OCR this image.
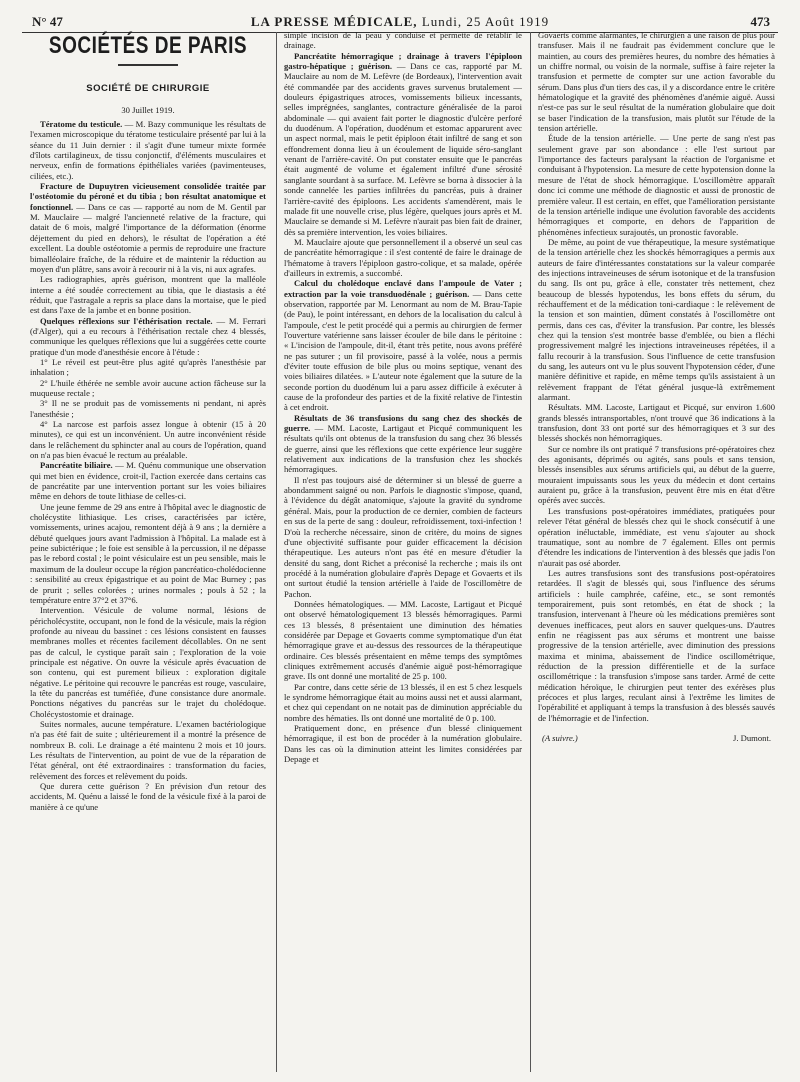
N° 47	LA PRESSE MÉDICALE, Lundi, 25 Août 1919	473
SOCIÉTÉS DE PARIS
SOCIÉTÉ DE CHIRURGIE
30 Juillet 1919.

Tératome du testicule. — M. Bazy communique les résultats de l'examen microscopique du tératome testiculaire présenté par lui à la séance du 11 Juin dernier : il s'agit d'une tumeur mixte formée d'îlots cartilagineux, de tissu conjonctif, d'éléments musculaires et nerveux, enfin de formations épithéliales variées (pavimenteuses, ciliées, etc.).

Fracture de Dupuytren vicieusement consolidée traitée par l'ostéotomie du péroné et du tibia ; bon résultat anatomique et fonctionnel. — Dans ce cas — rapporté au nom de M. Gentil par M. Mauclaire — malgré l'ancienneté relative de la fracture, qui datait de 6 mois, malgré l'importance de la déformation (énorme déjettement du pied en dehors), le résultat de l'opération a été excellent. La double ostéotomie a permis de reproduire une fracture bimalléolaire fraîche, de la réduire et de maintenir la réduction au moyen d'un plâtre, sans avoir à recourir ni à la vis, ni aux agrafes.

Les radiographies, après guérison, montrent que la malléole interne a été soudée correctement au tibia, que le diastasis a été réduit, que l'astragale a repris sa place dans la mortaise, que le pied est dans l'axe de la jambe et en bonne position.

Quelques réflexions sur l'éthérisation rectale. — M. Ferrari (d'Alger), qui a eu recours à l'éthérisation rectale chez 4 blessés, communique les quelques réflexions que lui a suggérées cette courte pratique d'un mode d'anesthésie encore à l'étude :

1° Le réveil est peut-être plus agité qu'après l'anesthésie par inhalation ;

2° L'huile éthérée ne semble avoir aucune action fâcheuse sur la muqueuse rectale ;

3° Il ne se produit pas de vomissements ni pendant, ni après l'anesthésie ;

4° La narcose est parfois assez longue à obtenir (15 à 20 minutes), ce qui est un inconvénient. Un autre inconvénient réside dans le relâchement du sphincter anal au cours de l'opération, quand on n'a pas bien évacué le rectum au préalable.

Pancréatite biliaire. — M. Quénu communique une observation qui met bien en évidence, croit-il, l'action exercée dans certains cas de pancréatite par une intervention portant sur les voies biliaires même en dehors de toute lithiase de celles-ci.

Une jeune femme de 29 ans entre à l'hôpital avec le diagnostic de cholécystite lithiasique. Les crises, caractérisées par ictère, vomissements, urines acajou, remontent déjà à 9 ans ; la dernière a débuté quelques jours avant l'admission à l'hôpital. La malade est à peine subictérique ; le foie est sensible à la percussion, il ne dépasse pas le rebord costal ; le point vésiculaire est un peu sensible, mais le maximum de la douleur occupe la région pancréatico-cholédocienne : sensibilité au creux épigastrique et au point de Mac Burney ; pas de prurit ; selles colorées ; urines normales ; pouls à 52 ; la température entre 37°2 et 37°6.

Intervention. Vésicule de volume normal, lésions de péricholécystite, occupant, non le fond de la vésicule, mais la région profonde au niveau du bassinet : ces lésions consistent en fausses membranes molles et récentes facilement décollables. On ne sent pas de calcul, le cystique paraît sain ; l'exploration de la voie principale est négative. On ouvre la vésicule après évacuation de son contenu, qui est purement bilieux : exploration digitale négative. Le péritoine qui recouvre le pancréas est rouge, vasculaire, la tête du pancréas est tuméfiée, d'une consistance dure anormale. Ponctions négatives du pancréas sur le trajet du cholédoque. Cholécystostomie et drainage.

Suites normales, aucune température. L'examen bactériologique n'a pas été fait de suite ; ultérieurement il a montré la présence de nombreux B. coli. Le drainage a été maintenu 2 mois et 10 jours. Les résultats de l'intervention, au point de vue de la réparation de l'état général, ont été extraordinaires : transformation du facies, relèvement des forces et relèvement du poids.

Que durera cette guérison ? En prévision d'un retour des accidents, M. Quénu a laissé le fond de la vésicule fixé à la paroi de manière à ce qu'une

simple incision de la peau y conduise et permette de rétablir le drainage.

Pancréatite hémorragique ; drainage à travers l'épiploon gastro-hépatique ; guérison. — Dans ce cas, rapporté par M. Mauclaire au nom de M. Lefèvre (de Bordeaux), l'intervention avait été commandée par des accidents graves survenus brutalement — douleurs épigastriques atroces, vomissements bilieux incessants, selles imprégnées, sanglantes, contracture généralisée de la paroi abdominale — qui avaient fait porter le diagnostic d'ulcère perforé du duodénum. A l'opération, duodénum et estomac apparurent avec un aspect normal, mais le petit épiploon était infiltré de sang et son effondrement donna lieu à un écoulement de liquide séro-sanglant venant de l'arrière-cavité. On put constater ensuite que le pancréas était augmenté de volume et également infiltré d'une sérosité sanglante sourdant à sa surface. M. Lefèvre se borna à dissocier à la sonde cannelée les parties infiltrées du pancréas, puis à drainer l'arrière-cavité des épiploons. Les accidents s'amendèrent, mais le malade fit une nouvelle crise, plus légère, quelques jours après et M. Mauclaire se demande si M. Lefèvre n'aurait pas bien fait de drainer, dès sa première intervention, les voies biliaires.

M. Mauclaire ajoute que personnellement il a observé un seul cas de pancréatite hémorragique : il s'est contenté de faire le drainage de l'hématome à travers l'épiploon gastro-colique, et sa malade, opérée d'ailleurs in extremis, a succombé.

Calcul du cholédoque enclavé dans l'ampoule de Vater ; extraction par la voie transduodénale ; guérison. — Dans cette observation, rapportée par M. Lenormant au nom de M. Brau-Tapie (de Pau), le point intéressant, en dehors de la localisation du calcul à l'ampoule, c'est le petit procédé qui a permis au chirurgien de fermer l'ouverture vatérienne sans laisser écouler de bile dans le péritoine : « L'incision de l'ampoule, dit-il, étant très petite, nous avons préféré ne pas suturer ; un fil provisoire, passé à la volée, nous a permis d'éviter toute effusion de bile plus ou moins septique, venant des voies biliaires dilatées. » L'auteur note également que la suture de la seconde portion du duodénum lui a paru assez difficile à exécuter à cause de la profondeur des parties et de la fixité relative de l'intestin à cet endroit.

Résultats de 36 transfusions du sang chez des shockés de guerre. — MM. Lacoste, Lartigaut et Picqué communiquent les résultats qu'ils ont obtenus de la transfusion du sang chez 36 blessés de guerre, ainsi que les réflexions que cette expérience leur suggère relativement aux indications de la transfusion chez les shockés hémorragiques.

Il n'est pas toujours aisé de déterminer si un blessé de guerre a abondamment saigné ou non. Parfois le diagnostic s'impose, quand, à l'évidence du dégât anatomique, s'ajoute la gravité du syndrome général. Mais, pour la production de ce dernier, combien de facteurs en sus de la perte de sang : douleur, refroidissement, toxi-infection ! D'où la recherche nécessaire, sinon de critère, du moins de signes d'une objectivité suffisante pour guider efficacement la décision thérapeutique. Les auteurs n'ont pas été en mesure d'étudier la densité du sang, dont Richet a préconisé la recherche ; mais ils ont procédé à la numération globulaire d'après Depage et Govaerts et ils ont surtout étudié la tension artérielle à l'aide de l'oscillomètre de Pachon.

Données hématologiques. — MM. Lacoste, Lartigaut et Picqué ont observé hématologiquement 13 blessés hémorragiques. Parmi ces 13 blessés, 8 présentaient une diminution des hématies considérée par Depage et Govaerts comme symptomatique d'un état hémorragique grave et au-dessus des ressources de la thérapeutique ordinaire. Ces blessés présentaient en même temps des symptômes cliniques extrêmement accusés d'anémie aiguë post-hémorragique grave. Ils ont donné une mortalité de 25 p. 100.

Par contre, dans cette série de 13 blessés, il en est 5 chez lesquels le syndrome hémorragique était au moins aussi net et aussi alarmant, et chez qui cependant on ne notait pas de diminution appréciable du nombre des hématies. Ils ont donné une mortalité de 0 p. 100.

Pratiquement donc, en présence d'un blessé cliniquement hémorragique, il est bon de procéder à la numération globulaire. Dans les cas où la diminution atteint les limites considérées par Depage et

Govaerts comme alarmantes, le chirurgien a une raison de plus pour transfuser. Mais il ne faudrait pas évidemment conclure que le maintien, au cours des premières heures, du nombre des hématies à un chiffre normal, ou voisin de la normale, suffise à faire rejeter la transfusion et permette de compter sur une action favorable du sérum. Dans plus d'un tiers des cas, il y a discordance entre le critère hématologique et la gravité des phénomènes d'anémie aiguë. Aussi n'est-ce pas sur le seul résultat de la numération globulaire que doit se baser l'indication de la transfusion, mais plutôt sur l'étude de la tension artérielle.

Étude de la tension artérielle. — Une perte de sang n'est pas seulement grave par son abondance : elle l'est surtout par l'importance des facteurs paralysant la réaction de l'organisme et conduisant à l'hypotension. La mesure de cette hypotension donne la mesure de l'état de shock hémorragique. L'oscillomètre apparaît donc ici comme une méthode de diagnostic et aussi de pronostic de première valeur. Il est certain, en effet, que l'amélioration persistante de la tension artérielle indique une évolution favorable des accidents hémorragiques et comporte, en dehors de l'apparition de phénomènes infectieux surajoutés, un pronostic favorable.

De même, au point de vue thérapeutique, la mesure systématique de la tension artérielle chez les shockés hémorragiques a permis aux auteurs de faire d'intéressantes constatations sur la valeur comparée des injections intraveineuses de sérum isotonique et de la transfusion du sang. Ils ont pu, grâce à elle, constater très nettement, chez beaucoup de blessés hypotendus, les bons effets du sérum, du réchauffement et de la médication toni-cardiaque : le relèvement de la tension et son maintien, dûment constatés à l'oscillomètre ont permis, dans ces cas, d'éviter la transfusion. Par contre, les blessés chez qui la tension s'est montrée basse d'emblée, ou bien a fléchi progressivement malgré les injections intraveineuses répétées, il a fallu recourir à la transfusion. Sous l'influence de cette transfusion du sang, les auteurs ont vu le plus souvent l'hypotension céder, d'une manière définitive et rapide, en même temps qu'ils assistaient à un relèvement frappant de l'état général jusque-là extrêmement alarmant.

Résultats. MM. Lacoste, Lartigaut et Picqué, sur environ 1.600 grands blessés intransportables, n'ont trouvé que 36 indications à la transfusion, dont 33 ont porté sur des hémorragiques et 3 sur des blessés shockés non hémorragiques.

Sur ce nombre ils ont pratiqué 7 transfusions pré-opératoires chez des agonisants, déprimés ou agités, sans pouls et sans tension, blessés insensibles aux sérums artificiels qui, au début de la guerre, mouraient impuissants sous les yeux du médecin et dont certains auraient pu, grâce à la transfusion, peuvent être mis en état d'être opérés avec succès.

Les transfusions post-opératoires immédiates, pratiquées pour relever l'état général de blessés chez qui le shock consécutif à une opération inéluctable, immédiate, est venu s'ajouter au shock traumatique, sont au nombre de 7 également. Elles ont permis d'étendre les indications de l'intervention à des blessés que jadis l'on n'aurait pas osé aborder.

Les autres transfusions sont des transfusions post-opératoires retardées. Il s'agit de blessés qui, sous l'influence des sérums artificiels : huile camphrée, caféine, etc., se sont remontés temporairement, puis sont retombés, en état de shock ; la transfusion, intervenant à l'heure où les médications premières sont devenues inefficaces, peut alors en sauver quelques-uns. D'autres enfin ne réagissent pas aux sérums et montrent une baisse progressive de la tension artérielle, avec diminution des pressions maxima et minima, abaissement de l'indice oscillométrique, réduction de la pression différentielle et de la surface oscillométrique : la transfusion s'impose sans tarder. Armé de cette médication héroïque, le chirurgien peut tenter des exérèses plus précoces et plus larges, reculant ainsi à l'extrême les limites de l'opérabilité et appliquant à temps la transfusion à des blessés sauvés de l'hémorragie et de l'infection.

(A suivre.)	J. Dumont.
